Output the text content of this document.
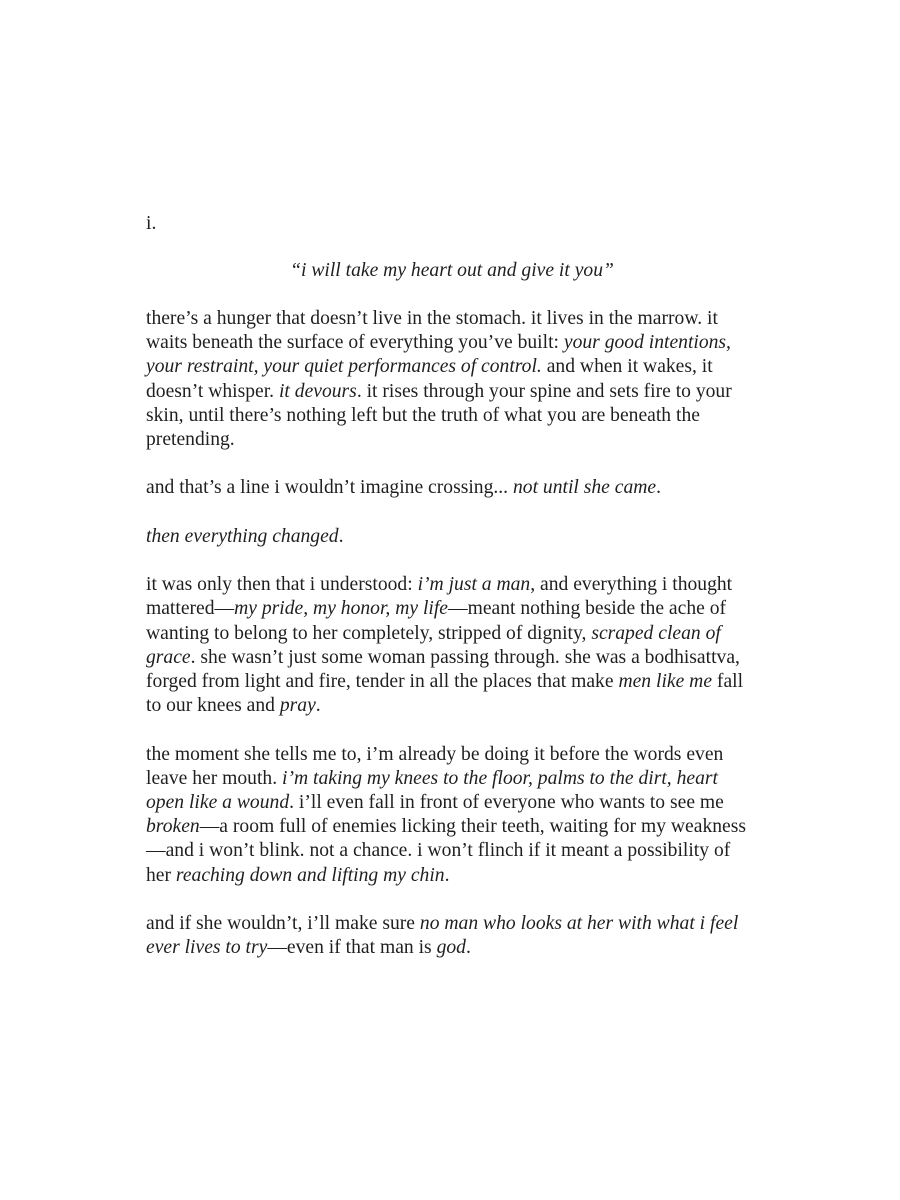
i.

“i will take my heart out and give it you”

there’s a hunger that doesn’t live in the stomach. it lives in the marrow. it waits beneath the surface of everything you’ve built: your good intentions, your restraint, your quiet performances of control. and when it wakes, it doesn’t whisper. it devours. it rises through your spine and sets fire to your skin, until there’s nothing left but the truth of what you are beneath the pretending.

and that’s a line i wouldn’t imagine crossing... not until she came.

then everything changed.

it was only then that i understood: i’m just a man, and everything i thought mattered—my pride, my honor, my life—meant nothing beside the ache of wanting to belong to her completely, stripped of dignity, scraped clean of grace. she wasn’t just some woman passing through. she was a bodhisattva, forged from light and fire, tender in all the places that make men like me fall to our knees and pray.

the moment she tells me to, i’m already be doing it before the words even leave her mouth. i’m taking my knees to the floor, palms to the dirt, heart open like a wound. i’ll even fall in front of everyone who wants to see me broken—a room full of enemies licking their teeth, waiting for my weakness—and i won’t blink. not a chance. i won’t flinch if it meant a possibility of her reaching down and lifting my chin.

and if she wouldn’t, i’ll make sure no man who looks at her with what i feel ever lives to try—even if that man is god.
